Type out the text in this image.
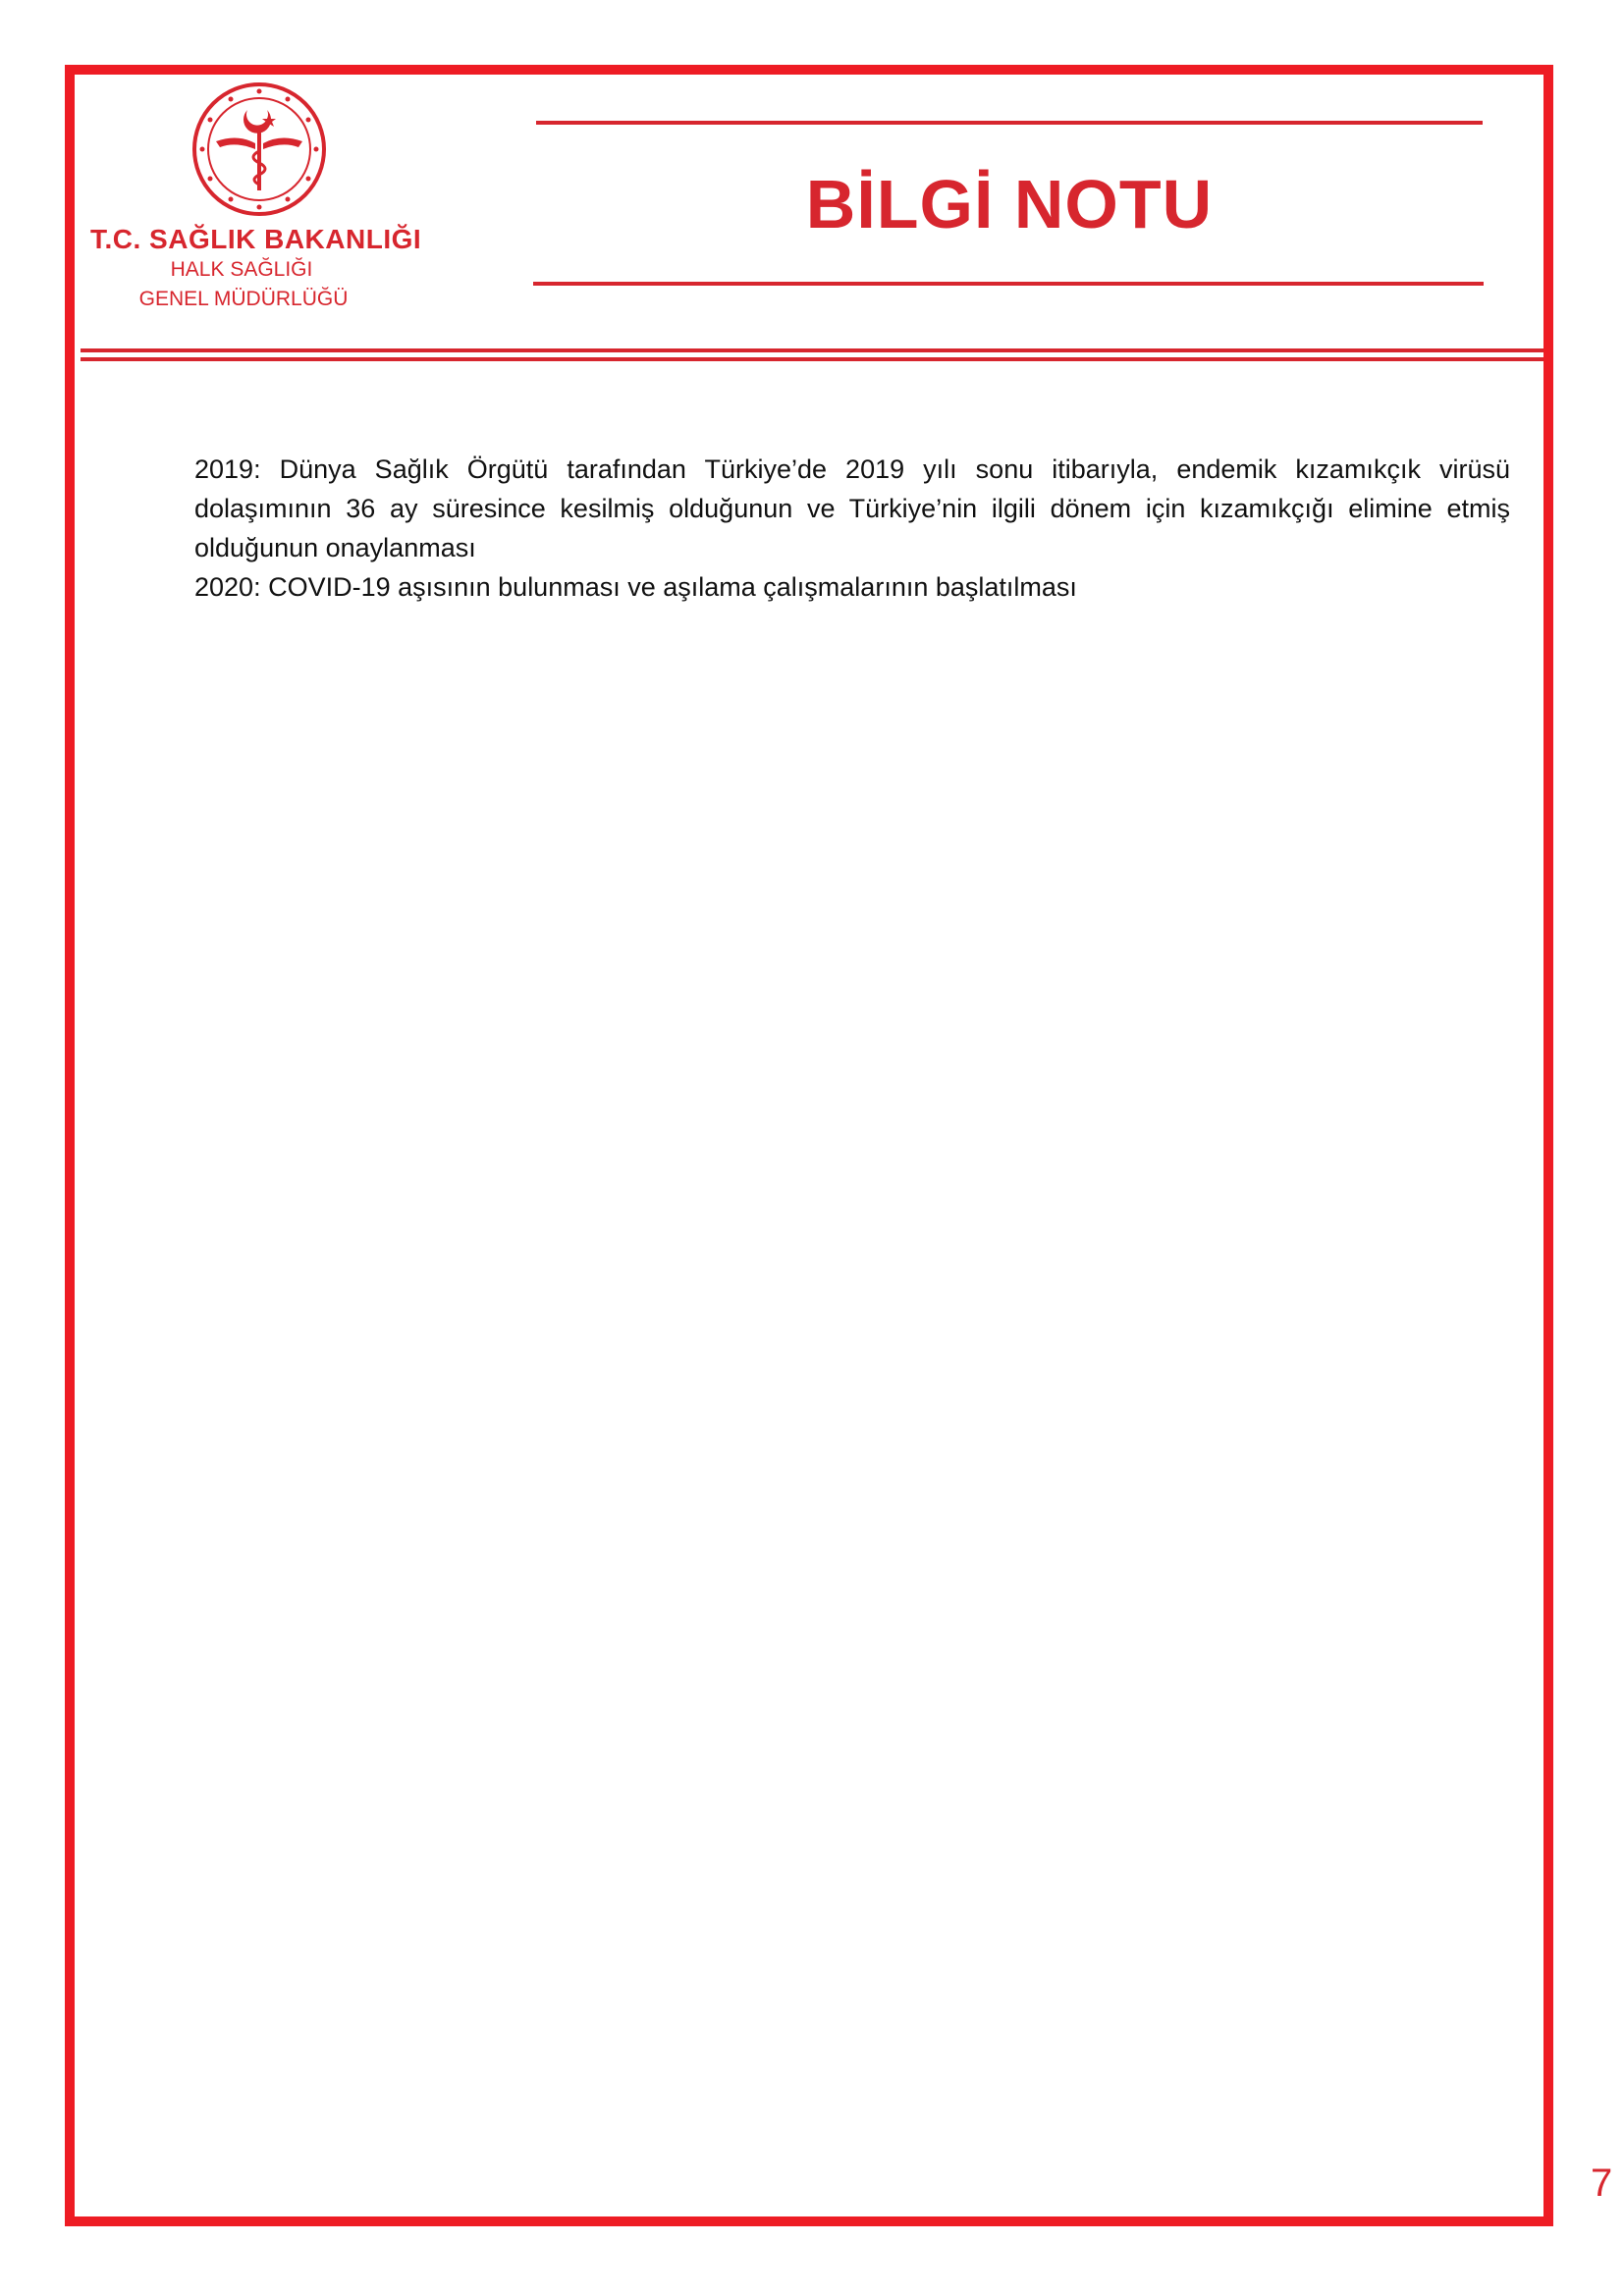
T.C. SAĞLIK BAKANLIĞI
HALK SAĞLIĞI
GENEL MÜDÜRLÜĞÜ
BİLGİ NOTU

2019: Dünya Sağlık Örgütü tarafından Türkiye’de 2019 yılı sonu itibarıyla, endemik kızamıkçık virüsü dolaşımının 36 ay süresince kesilmiş olduğunun ve Türkiye’nin ilgili dönem için kızamıkçığı elimine etmiş olduğunun onaylanması

2020: COVID-19 aşısının bulunması ve aşılama çalışmalarının başlatılması

7
